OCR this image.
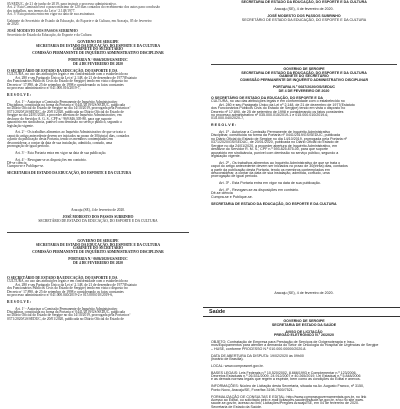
05/SEDUC, de 21 de junho de 2019, para instruir o processo administrativo.

Art. 2º Esta Comissão terá o prazo máximo de 120 dias contados do recebimento dos autos para conclusão

dos trabalhos, nos termos da Lei nº 2.148/1977.

Art. 3º Esta portaria entra em vigor na data de sua assinatura.

Gabinete do Secretário de Estado da Educação, do Esporte e da Cultura, em Aracaju, 05 de fevereiro

de 2020.

JOSÉ MODESTO DOS PASSOS SUBRINHO

Secretário de Estado da Educação, do Esporte e da Cultura

GOVERNO DE SERGIPE

SECRETARIA DE ESTADO DA EDUCAÇÃO, DO ESPORTE E DA CULTURA

GABINETE DO SECRETÁRIO

COMISSÃO PERMANENTE DE INQUÉRITO ADMINISTRATIVO DISCIPLINAR

PORTARIA N.º 0666/2020/GS/SEDUC

DE 4 DE FEVEREIRO DE 2020

O SECRETÁRIO DE ESTADO DA EDUCAÇÃO, DO ESPORTE E DA

CULTURA, no uso das atribuições legais e em conformidade com o estabelecido no

Art. 280 e seu Parágrafo Único da Lei nº 2.148, de 21 de dezembro de 1977(Estatuto

dos Funcionários Públicos Civis do Estado de Sergipe) tendo em vista o disposto no

Decreto nº 17.890, de 25 de setembro de 1998 e considerando os fatos constantes

no processo administrativo nº 041.000.016/2019-7,

R E S O L V E :

Art. 1º - Autorizar a Comissão Permanente de Inquérito Administrativo

Disciplinar, constituída na forma da Portaria nº 0441/2019/GS/SEDUC, publicada

no Diário Oficial do Estado de Sergipe no dia 14/10/2019, prorrogada pela Portaria nº

0371/2020/GS/SEDUC, de 20/01/2020, publicada no Diário Oficial do Estado de

Sergipe no dia 24/01/2020, a proceder abertura de Inquérito Administrativo, em

desfavor do Servidor A. G. S., CPF n.º 969.846.305-80, para que suporte

apuratório em sindicância, punível com demissão no serviço público, segundo a

legislação vigente.

Art. 2º - Os trabalhos alimentos ao Inquérito Administrativo de que se trata o

caput do artigo antecedente devem ser iniciados no prazo de 30(trinta) dias, contados

a partir da publicação desta Portaria, tendo os membros contemplados em

desconsiderar, a contar da data de sua instalação, admitida, contudo, uma

prorrogação de igual período.

Art. 3º - Esta Portaria entra em vigor na data de sua publicação.

Art. 4º - Revogam-se as disposições em contrário.

Dê-se ciência

Cumpra-se e Publique-se.

SECRETARIA DE ESTADO DA EDUCAÇÃO, DO ESPORTE E DA CULTURA

Aracaju (SE), 4 de fevereiro de 2020.

JOSÉ MODESTO DOS PASSOS SUBRINHO

SECRETÁRIO DE ESTADO DA EDUCAÇÃO, DO ESPORTE E DA CULTURA

GOVERNO DE SERGIPE

SECRETARIA DE ESTADO DA EDUCAÇÃO, DO ESPORTE E DA CULTURA

GABINETE DO SECRETÁRIO

COMISSÃO PERMANENTE DE INQUÉRITO ADMINISTRATIVO DISCIPLINAR

PORTARIA N.º 0686/2020/GS/SEDUC

DE 4 DE FEVEREIRO DE 2020

O SECRETÁRIO DE ESTADO DA EDUCAÇÃO, DO ESPORTE E DA

CULTURA, no uso das atribuições legais e em conformidade com o estabelecido no

Art. 280 e seu Parágrafo Único da Lei nº 2.148, de 21 de dezembro de 1977(Estatuto

dos Funcionários Públicos Civis do Estado de Sergipe) tendo em vista o disposto no

Decreto nº 17.890, de 25 de setembro de 1998 e considerando os fatos constantes

no processo administrativo nº 041.000.040/2019-2 e 015.000.010/2019-6,

R E S O L V E :

Art. 1º - Autorizar a Comissão Permanente de Inquérito Administrativo

Disciplinar, constituída na forma da Portaria nº 0441/2019/GS/SEDUC, publicada

no Diário Oficial do Estado de Sergipe no dia 14/10/2019, prorrogada pela Portaria nº

0371/2020/GS/SEDUC, de 20/01/2020, publicada no Diário Oficial do Estado de

SECRETARIA DE ESTADO DA EDUCAÇÃO, DO ESPORTE E DA CULTURA

Aracaju (SE), 4 de fevereiro de 2020.

JOSÉ MODESTO DOS PASSOS SUBRINHO

SECRETÁRIO DE ESTADO DA EDUCAÇÃO, DO ESPORTE E DA CULTURA

GOVERNO DE SERGIPE

SECRETARIA DE ESTADO DA EDUCAÇÃO, DO ESPORTE E DA CULTURA

GABINETE DO SECRETÁRIO

COMISSÃO PERMANENTE DE INQUÉRITO ADMINISTRATIVO DISCIPLINAR

PORTARIA N.º 0687/2020/GS/SEDUC

DE 4 DE FEVEREIRO DE 2020

O SECRETÁRIO DE ESTADO DA EDUCAÇÃO, DO ESPORTE E DA

CULTURA, no uso das atribuições legais e em conformidade com o estabelecido no

Art. 280 e seu Parágrafo Único da Lei nº 2.148, de 21 de dezembro de 1977(Estatuto

dos Funcionários Públicos Civis do Estado de Sergipe) tendo em vista o disposto no

Decreto nº 17.890, de 25 de setembro de 1998 e considerando os fatos constantes

no processo administrativo nº 035.000.015/2019-1 e 015.000.010/2019-6,

015.000.040/2020-7,

R E S O L V E :

Art. 1º - Autorizar a Comissão Permanente de Inquérito Administrativo

Disciplinar, constituída na forma da Portaria nº 0441/2019/GS/SEDUC, publicada

no Diário Oficial do Estado de Sergipe no dia 14/10/2019, prorrogada pela Portaria nº

0371/2020/GS/SEDUC, de 20/01/2020, publicada no Diário Oficial do Estado de

Sergipe no dia 24/01/2020, a proceder abertura de Inquérito Administrativo, em

desfavor do Servidor R. M. S., CPF n.º 593.825.875-00, para que suporte

apuratório em sindicância, punível com demissão no serviço público, segundo a

legislação vigente.

Art. 2º - Os trabalhos alimentos ao Inquérito Administrativo de que se trata o

caput do artigo antecedente devem ser iniciados no prazo de 30(trinta) dias, contados

a partir da publicação desta Portaria, tendo os membros contemplados em

desconsiderar, a contar da data de sua instalação, admitida, contudo, uma

prorrogação de igual período.

Art. 3º - Esta Portaria entra em vigor na data de sua publicação.

Art. 4º - Revogam-se as disposições em contrário.

Dê-se ciência

Cumpra-se e Publique-se.

SECRETARIA DE ESTADO DA EDUCAÇÃO, DO ESPORTE E DA CULTURA

Aracaju (SE), 4 de fevereiro de 2020.

GOVERNO DE SERGIPE

SECRETARIA DE ESTADO DA SAÚDE

AVISO DE LICITAÇÃO

PREGÃO ELETRÔNICO N.º 26/2020

OBJETO: Contratação de Empresa para Prestação de Serviços de Oxigenoterapia e Insu-

mos/Equipamentos para atender a demanda do Setor de Oncologia do Hospital de Urgências de Sergipe

– HUSE, conforme PROCESSO N.º 010.000.00000/2020-8.

DATA DE ABERTURA DA DISPUTA: 19/02/2020 às 09h00

(horário de Brasília).

LOCAL: www.comprasnet.gov.br.

BASES LEGAIS: Leis Federais n.º 10.520/2002, 8.666/1993 e Complementar n.º 123/2006,

Decretos Estaduais n.º 26.531/2009, 24.912/2007 e 40.265/2019, Lei Estadual n.º 5.848/2006

e as demais normas legais que regem a espécie, bem como as condições do Edital e anexos.

INFORMAÇÕES: Núcleo de Licitação desta Secretaria, situada na Av. Augusto Franco, nº 3150,

Ponto Novo, Aracaju/SE, Fone/fax 3198-7500/7521.

FORMALIZAÇÃO DE CONSULTAS E EDITAL: http://www.comprasgovernamentais.gov.br, no link

Acesso ao Edital, ou solicitado pelo e-mail licitacoes.saude@saude.se.gov.br, e/ou no site www.

saude.se.gov.br, acesso ao link; Licitações/Pregões Aracaju/SE, em 04 de fevereiro de 2020.

Secretaria de Estado da Saúde.

Saúde
